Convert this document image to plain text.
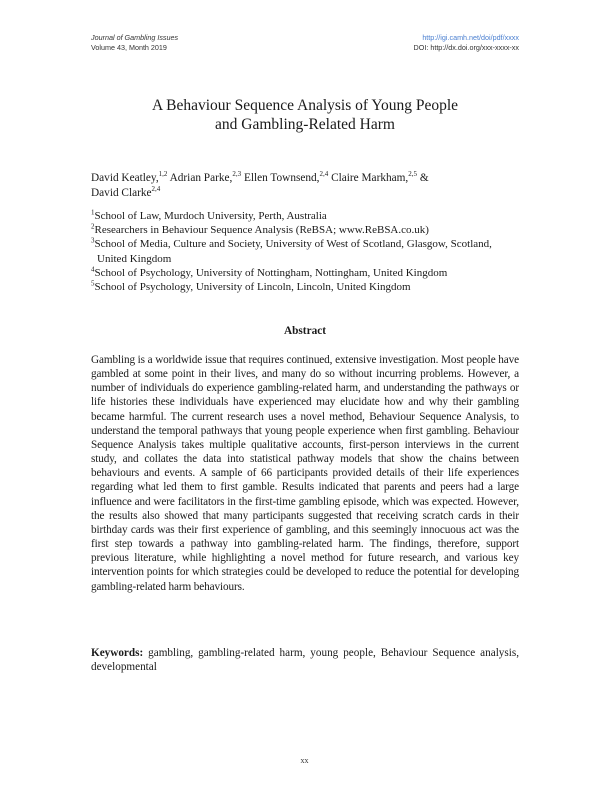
Journal of Gambling Issues
Volume 43, Month 2019
http://igi.camh.net/doi/pdf/xxxx
DOI: http://dx.doi.org/xxx-xxxx-xx
A Behaviour Sequence Analysis of Young People
and Gambling-Related Harm
David Keatley,$^{1,2}$ Adrian Parke,$^{2,3}$ Ellen Townsend,$^{2,4}$ Claire Markham,$^{2,5}$ &
David Clarke$^{2,4}$
$^1$School of Law, Murdoch University, Perth, Australia
$^2$Researchers in Behaviour Sequence Analysis (ReBSA; www.ReBSA.co.uk)
$^3$School of Media, Culture and Society, University of West of Scotland, Glasgow, Scotland, United Kingdom
$^4$School of Psychology, University of Nottingham, Nottingham, United Kingdom
$^5$School of Psychology, University of Lincoln, Lincoln, United Kingdom
Abstract
Gambling is a worldwide issue that requires continued, extensive investigation. Most people have gambled at some point in their lives, and many do so without incurring problems. However, a number of individuals do experience gambling-related harm, and understanding the pathways or life histories these individuals have experienced may elucidate how and why their gambling became harmful. The current research uses a novel method, Behaviour Sequence Analysis, to understand the temporal pathways that young people experience when first gambling. Behaviour Sequence Analysis takes multiple qualitative accounts, first-person interviews in the current study, and collates the data into statistical pathway models that show the chains between behaviours and events. A sample of 66 participants provided details of their life experiences regarding what led them to first gamble. Results indicated that parents and peers had a large influence and were facilitators in the first-time gambling episode, which was expected. However, the results also showed that many participants suggested that receiving scratch cards in their birthday cards was their first experience of gambling, and this seemingly innocuous act was the first step towards a pathway into gambling-related harm. The findings, therefore, support previous literature, while highlighting a novel method for future research, and various key intervention points for which strategies could be developed to reduce the potential for developing gambling-related harm behaviours.
Keywords: gambling, gambling-related harm, young people, Behaviour Sequence analysis, developmental
xx
